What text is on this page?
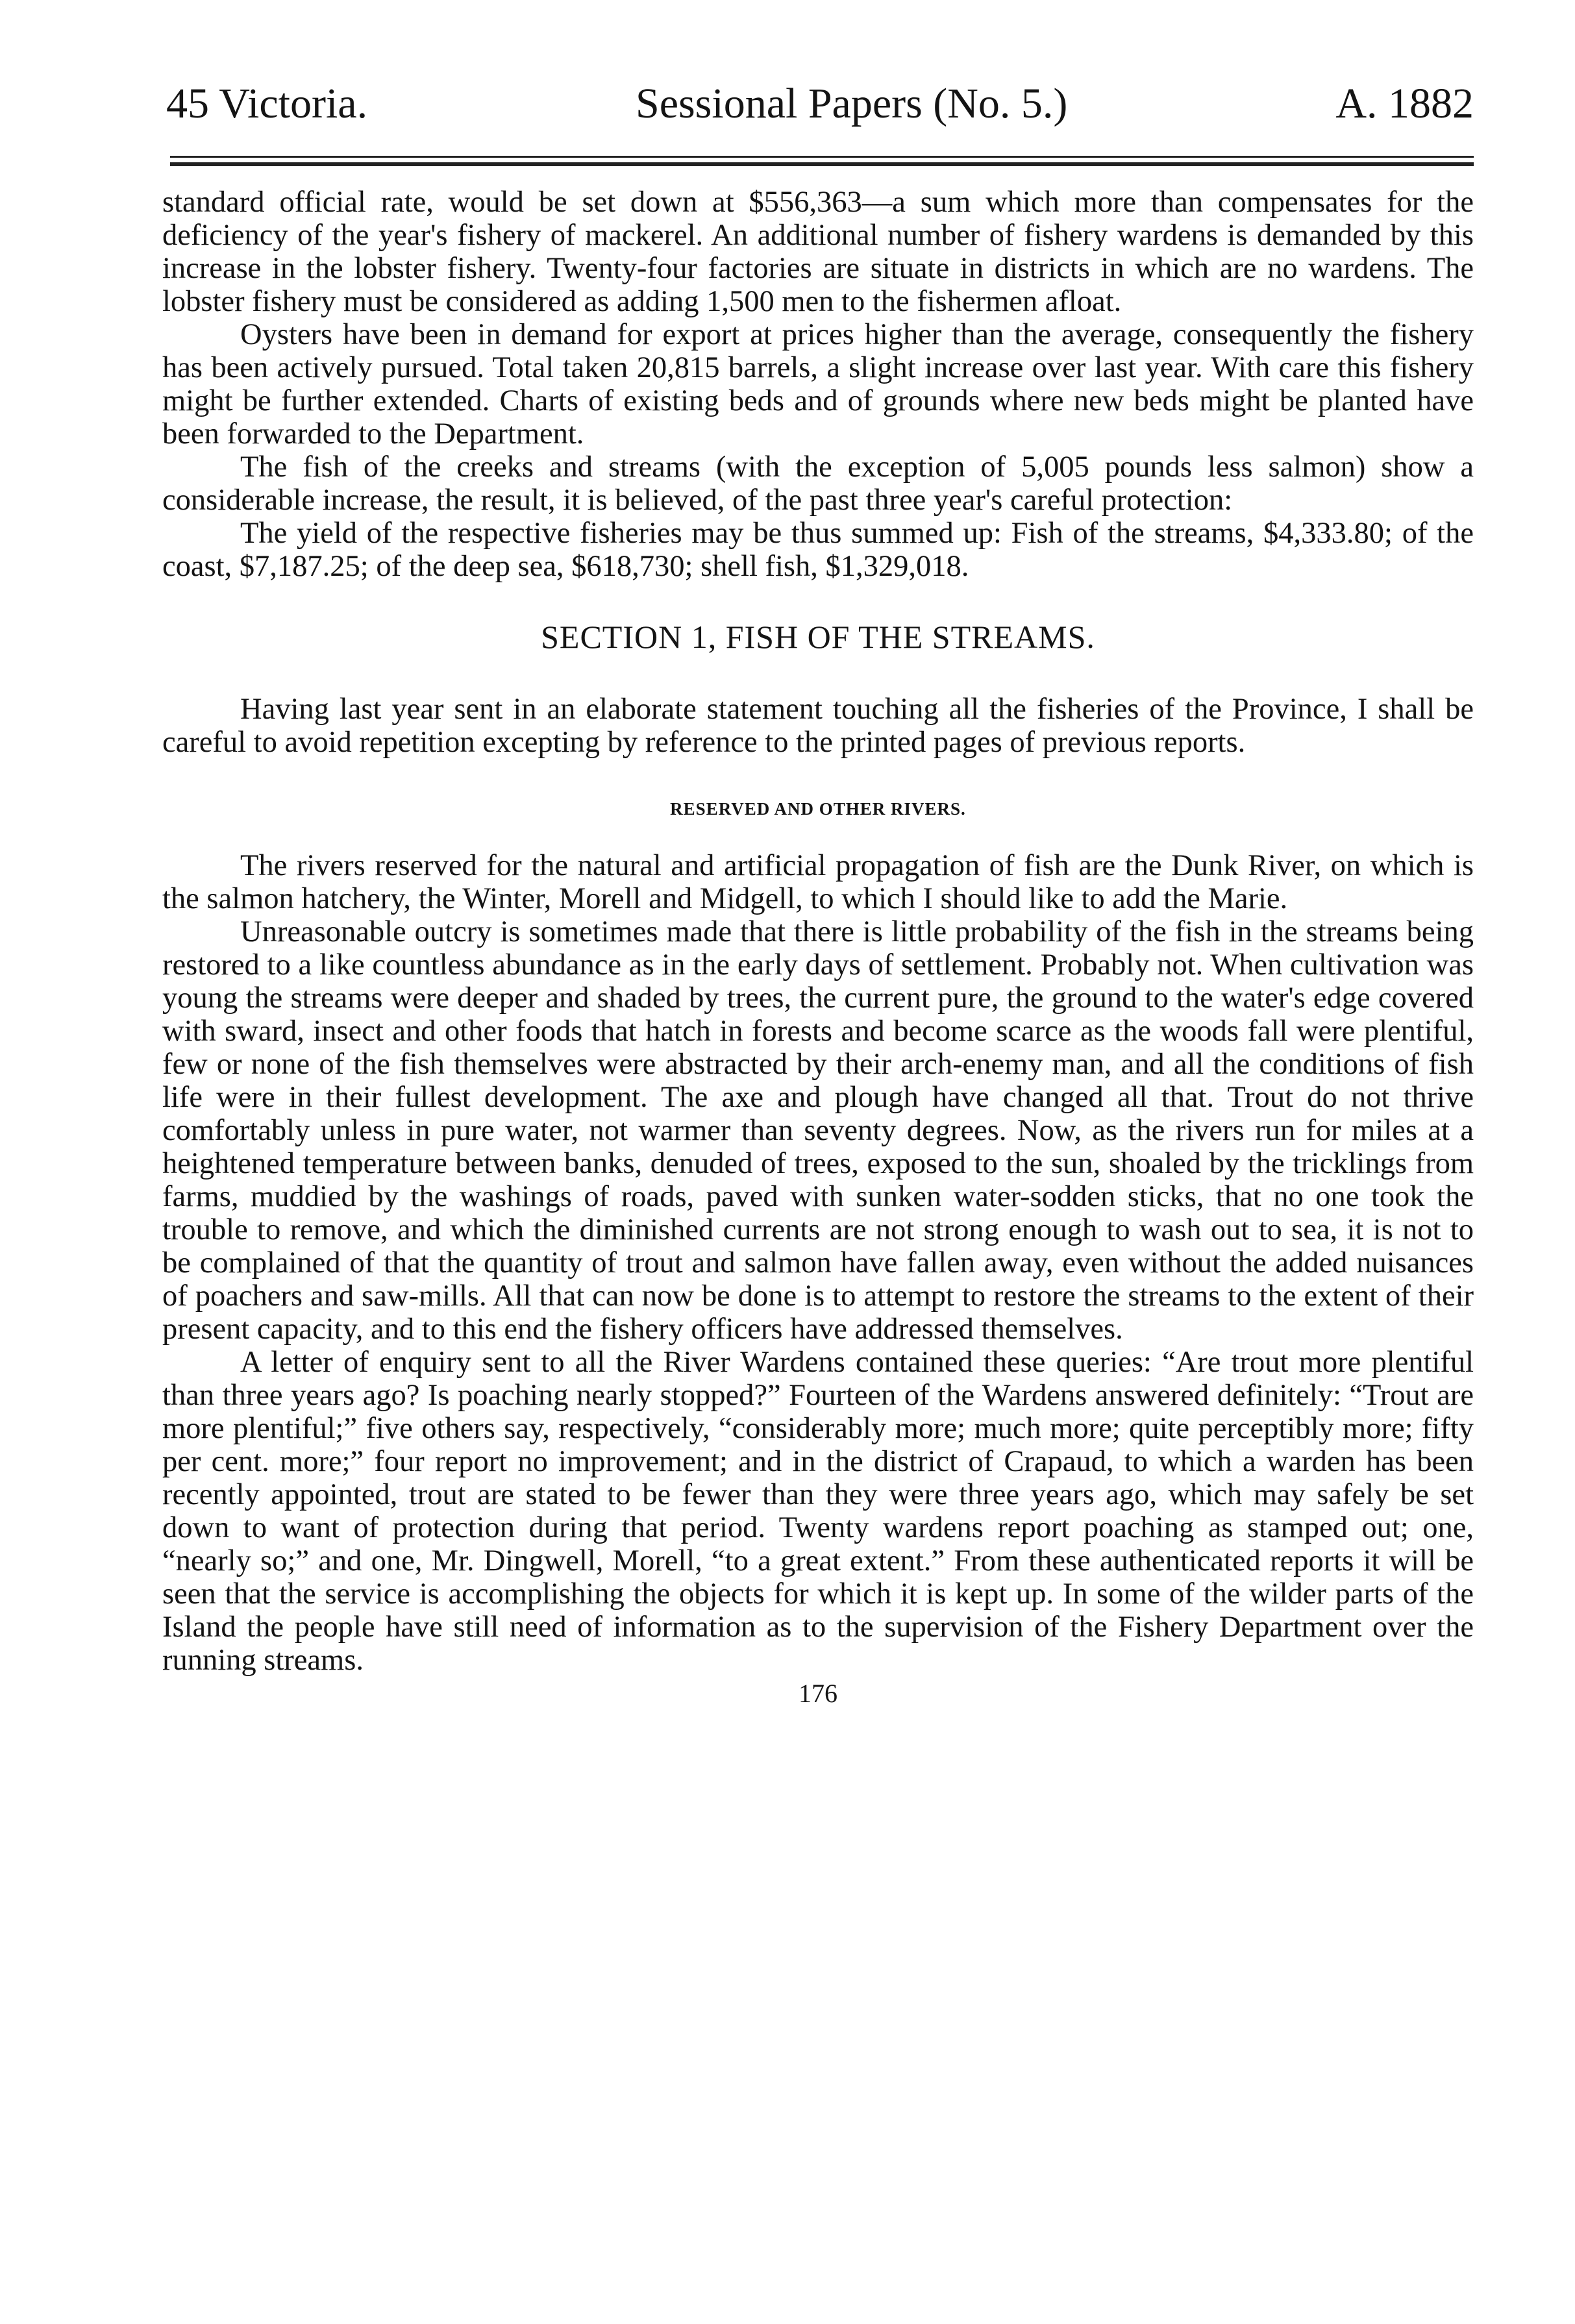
45 Victoria.	Sessional Papers (No. 5.)	A. 1882

standard official rate, would be set down at $556,363—a sum which more than compensates for the deficiency of the year's fishery of mackerel. An additional number of fishery wardens is demanded by this increase in the lobster fishery. Twenty-four factories are situate in districts in which are no wardens. The lobster fishery must be considered as adding 1,500 men to the fishermen afloat.

Oysters have been in demand for export at prices higher than the average, consequently the fishery has been actively pursued. Total taken 20,815 barrels, a slight increase over last year. With care this fishery might be further extended. Charts of existing beds and of grounds where new beds might be planted have been forwarded to the Department.

The fish of the creeks and streams (with the exception of 5,005 pounds less salmon) show a considerable increase, the result, it is believed, of the past three year's careful protection:

The yield of the respective fisheries may be thus summed up: Fish of the streams, $4,333.80; of the coast, $7,187.25; of the deep sea, $618,730; shell fish, $1,329,018.

SECTION 1, FISH OF THE STREAMS.

Having last year sent in an elaborate statement touching all the fisheries of the Province, I shall be careful to avoid repetition excepting by reference to the printed pages of previous reports.

RESERVED AND OTHER RIVERS.

The rivers reserved for the natural and artificial propagation of fish are the Dunk River, on which is the salmon hatchery, the Winter, Morell and Midgell, to which I should like to add the Marie.

Unreasonable outcry is sometimes made that there is little probability of the fish in the streams being restored to a like countless abundance as in the early days of settlement. Probably not. When cultivation was young the streams were deeper and shaded by trees, the current pure, the ground to the water's edge covered with sward, insect and other foods that hatch in forests and become scarce as the woods fall were plentiful, few or none of the fish themselves were abstracted by their arch-enemy man, and all the conditions of fish life were in their fullest development. The axe and plough have changed all that. Trout do not thrive comfortably unless in pure water, not warmer than seventy degrees. Now, as the rivers run for miles at a heightened temperature between banks, denuded of trees, exposed to the sun, shoaled by the tricklings from farms, muddied by the washings of roads, paved with sunken water-sodden sticks, that no one took the trouble to remove, and which the diminished currents are not strong enough to wash out to sea, it is not to be complained of that the quantity of trout and salmon have fallen away, even without the added nuisances of poachers and saw-mills. All that can now be done is to attempt to restore the streams to the extent of their present capacity, and to this end the fishery officers have addressed themselves.

A letter of enquiry sent to all the River Wardens contained these queries: “Are trout more plentiful than three years ago? Is poaching nearly stopped?” Fourteen of the Wardens answered definitely: “Trout are more plentiful;” five others say, respectively, “considerably more; much more; quite perceptibly more; fifty per cent. more;” four report no improvement; and in the district of Crapaud, to which a warden has been recently appointed, trout are stated to be fewer than they were three years ago, which may safely be set down to want of protection during that period. Twenty wardens report poaching as stamped out; one, “nearly so;” and one, Mr. Dingwell, Morell, “to a great extent.” From these authenticated reports it will be seen that the service is accomplishing the objects for which it is kept up. In some of the wilder parts of the Island the people have still need of information as to the supervision of the Fishery Department over the running streams.

176
